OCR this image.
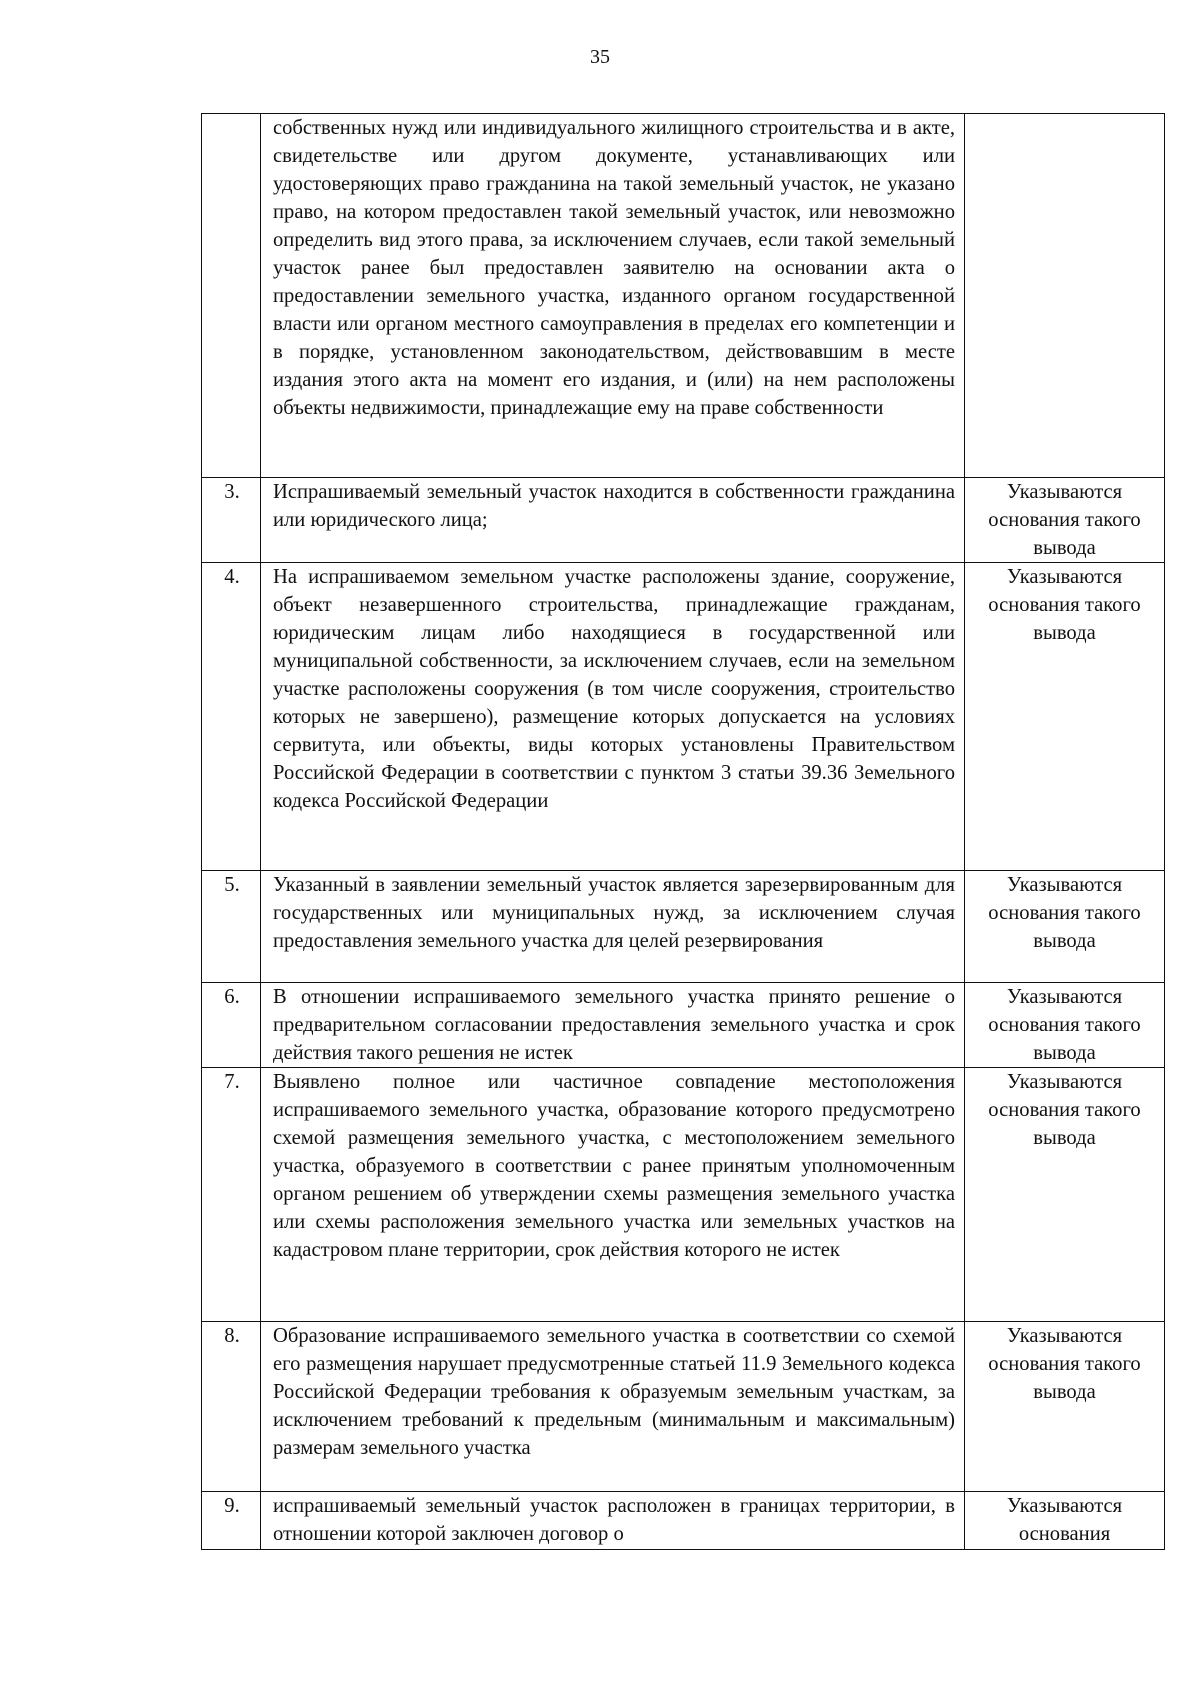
35

	собственных нужд или индивидуального жилищного строительства и в акте, свидетельстве или другом документе, устанавливающих или удостоверяющих право гражданина на такой земельный участок, не указано право, на котором предоставлен такой земельный участок, или невозможно определить вид этого права, за исключением случаев, если такой земельный участок ранее был предоставлен заявителю на основании акта о предоставлении земельного участка, изданного органом государственной власти или органом местного самоуправления в пределах его компетенции и в порядке, установленном законодательством, действовавшим в месте издания этого акта на момент его издания, и (или) на нем расположены объекты недвижимости, принадлежащие ему на праве собственности	

3.	Испрашиваемый земельный участок находится в собственности гражданина или юридического лица;	Указываются основания такого вывода

4.	На испрашиваемом земельном участке расположены здание, сооружение, объект незавершенного строительства, принадлежащие гражданам, юридическим лицам либо находящиеся в государственной или муниципальной собственности, за исключением случаев, если на земельном участке расположены сооружения (в том числе сооружения, строительство которых не завершено), размещение которых допускается на условиях сервитута, или объекты, виды которых установлены Правительством Российской Федерации в соответствии с пунктом 3 статьи 39.36 Земельного кодекса Российской Федерации	Указываются основания такого вывода

5.	Указанный в заявлении земельный участок является зарезервированным для государственных или муниципальных нужд, за исключением случая предоставления земельного участка для целей резервирования	Указываются основания такого вывода

6.	В отношении испрашиваемого земельного участка принято решение о предварительном согласовании предоставления земельного участка и срок действия такого решения не истек	Указываются основания такого вывода

7.	Выявлено полное или частичное совпадение местоположения испрашиваемого земельного участка, образование которого предусмотрено схемой размещения земельного участка, с местоположением земельного участка, образуемого в соответствии с ранее принятым уполномоченным органом решением об утверждении схемы размещения земельного участка или схемы расположения земельного участка или земельных участков на кадастровом плане территории, срок действия которого не истек	Указываются основания такого вывода

8.	Образование испрашиваемого земельного участка в соответствии со схемой его размещения нарушает предусмотренные статьей 11.9 Земельного кодекса Российской Федерации требования к образуемым земельным участкам, за исключением требований к предельным (минимальным и максимальным) размерам земельного участка	Указываются основания такого вывода

9.	испрашиваемый земельный участок расположен в границах территории, в отношении которой заключен договор о	Указываются основания
